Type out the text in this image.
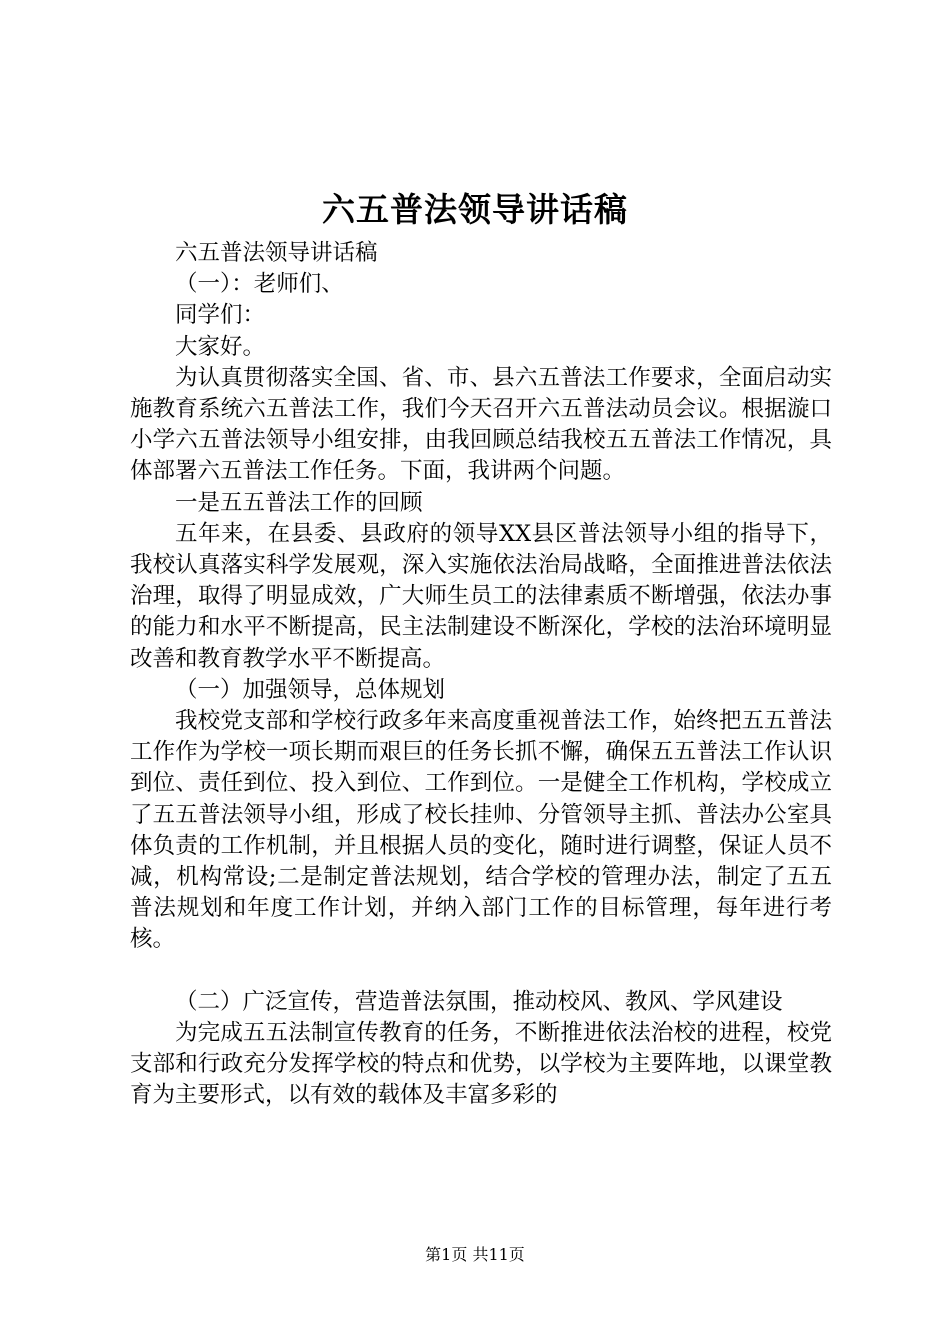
六五普法领导讲话稿

六五普法领导讲话稿

（一）：老师们、

同学们：

大家好。

为认真贯彻落实全国、省、市、县六五普法工作要求，全面启动实施教育系统六五普法工作，我们今天召开六五普法动员会议。根据漩口小学六五普法领导小组安排，由我回顾总结我校五五普法工作情况，具体部署六五普法工作任务。下面，我讲两个问题。

一是五五普法工作的回顾

五年来，在县委、县政府的领导XX县区普法领导小组的指导下，我校认真落实科学发展观，深入实施依法治局战略，全面推进普法依法治理，取得了明显成效，广大师生员工的法律素质不断增强，依法办事的能力和水平不断提高，民主法制建设不断深化，学校的法治环境明显改善和教育教学水平不断提高。

（一）加强领导，总体规划

我校党支部和学校行政多年来高度重视普法工作，始终把五五普法工作作为学校一项长期而艰巨的任务长抓不懈，确保五五普法工作认识到位、责任到位、投入到位、工作到位。一是健全工作机构，学校成立了五五普法领导小组，形成了校长挂帅、分管领导主抓、普法办公室具体负责的工作机制，并且根据人员的变化，随时进行调整，保证人员不减，机构常设;二是制定普法规划，结合学校的管理办法，制定了五五普法规划和年度工作计划，并纳入部门工作的目标管理，每年进行考核。

（二）广泛宣传，营造普法氛围，推动校风、教风、学风建设

为完成五五法制宣传教育的任务，不断推进依法治校的进程，校党支部和行政充分发挥学校的特点和优势，以学校为主要阵地，以课堂教育为主要形式，以有效的载体及丰富多彩的

第1页 共11页
